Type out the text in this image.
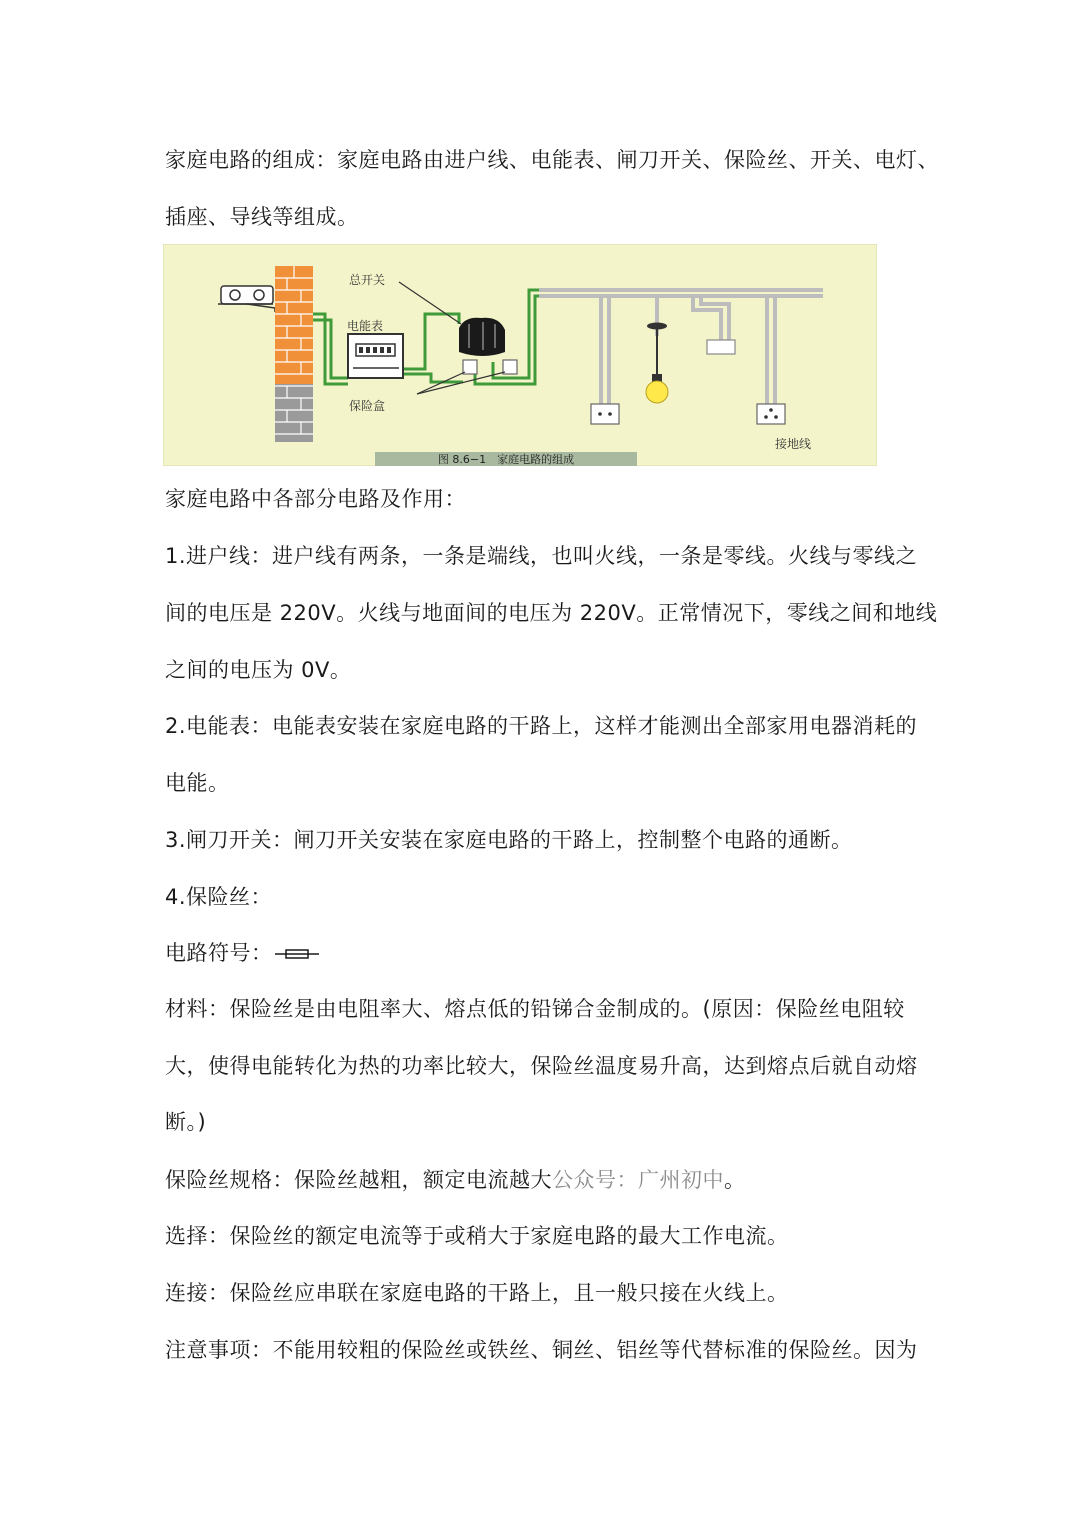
家庭电路的组成：家庭电路由进户线、电能表、闸刀开关、保险丝、开关、电灯、
插座、导线等组成。
总开关
电能表
保险盒
接地线
图 8.6−1　家庭电路的组成
家庭电路中各部分电路及作用：
1.进户线：进户线有两条，一条是端线，也叫火线，一条是零线。火线与零线之
间的电压是 220V。火线与地面间的电压为 220V。正常情况下，零线之间和地线
之间的电压为 0V。
2.电能表：电能表安装在家庭电路的干路上，这样才能测出全部家用电器消耗的
电能。
3.闸刀开关：闸刀开关安装在家庭电路的干路上，控制整个电路的通断。
4.保险丝：
电路符号：
材料：保险丝是由电阻率大、熔点低的铅锑合金制成的。(原因：保险丝电阻较
大，使得电能转化为热的功率比较大，保险丝温度易升高，达到熔点后就自动熔
断。)
保险丝规格：保险丝越粗，额定电流越大公众号：广州初中。
选择：保险丝的额定电流等于或稍大于家庭电路的最大工作电流。
连接：保险丝应串联在家庭电路的干路上，且一般只接在火线上。
注意事项：不能用较粗的保险丝或铁丝、铜丝、铝丝等代替标准的保险丝。因为
